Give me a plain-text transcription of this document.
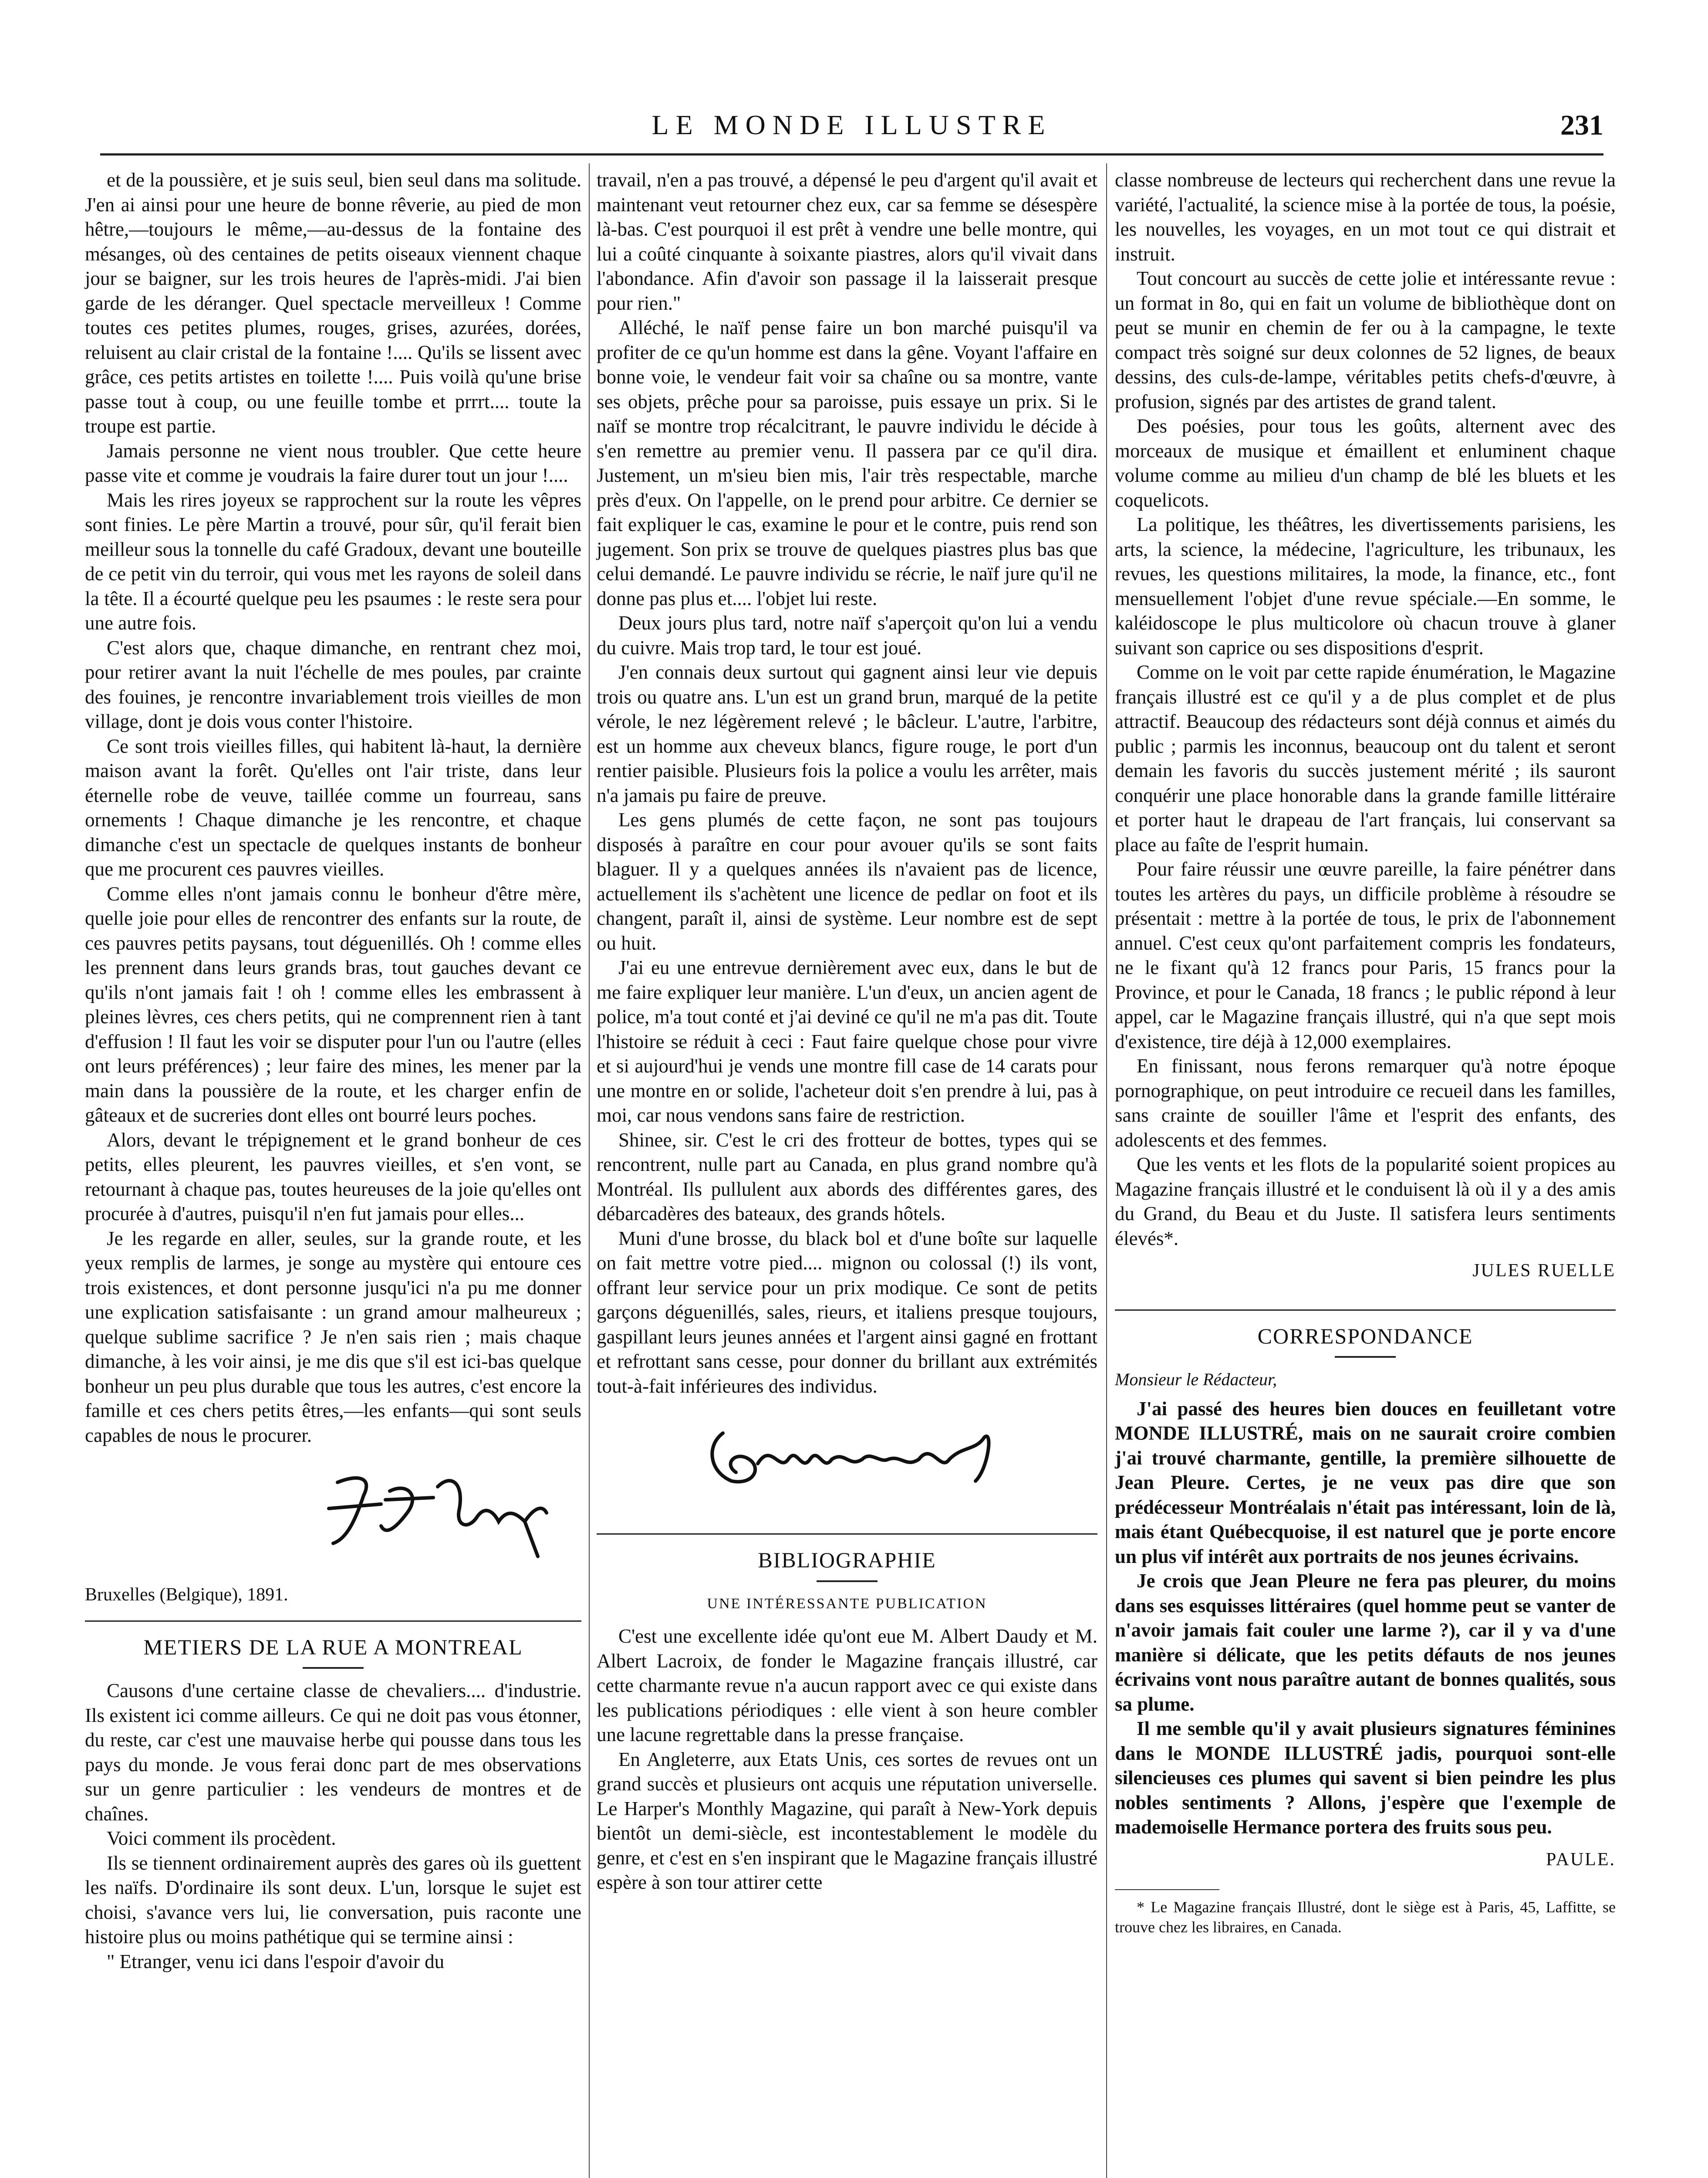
LE MONDE ILLUSTRE	231

et de la poussière, et je suis seul, bien seul dans ma solitude. J'en ai ainsi pour une heure de bonne rêverie, au pied de mon hêtre,—toujours le même,—au-dessus de la fontaine des mésanges, où des centaines de petits oiseaux viennent chaque jour se baigner, sur les trois heures de l'après-midi. J'ai bien garde de les déranger. Quel spectacle merveilleux ! Comme toutes ces petites plumes, rouges, grises, azurées, dorées, reluisent au clair cristal de la fontaine !.... Qu'ils se lissent avec grâce, ces petits artistes en toilette !.... Puis voilà qu'une brise passe tout à coup, ou une feuille tombe et prrrt.... toute la troupe est partie.

Jamais personne ne vient nous troubler. Que cette heure passe vite et comme je voudrais la faire durer tout un jour !....

Mais les rires joyeux se rapprochent sur la route les vêpres sont finies. Le père Martin a trouvé, pour sûr, qu'il ferait bien meilleur sous la tonnelle du café Gradoux, devant une bouteille de ce petit vin du terroir, qui vous met les rayons de soleil dans la tête. Il a écourté quelque peu les psaumes : le reste sera pour une autre fois.

C'est alors que, chaque dimanche, en rentrant chez moi, pour retirer avant la nuit l'échelle de mes poules, par crainte des fouines, je rencontre invariablement trois vieilles de mon village, dont je dois vous conter l'histoire.

Ce sont trois vieilles filles, qui habitent là-haut, la dernière maison avant la forêt. Qu'elles ont l'air triste, dans leur éternelle robe de veuve, taillée comme un fourreau, sans ornements ! Chaque dimanche je les rencontre, et chaque dimanche c'est un spectacle de quelques instants de bonheur que me procurent ces pauvres vieilles.

Comme elles n'ont jamais connu le bonheur d'être mère, quelle joie pour elles de rencontrer des enfants sur la route, de ces pauvres petits paysans, tout déguenillés. Oh ! comme elles les prennent dans leurs grands bras, tout gauches devant ce qu'ils n'ont jamais fait ! oh ! comme elles les embrassent à pleines lèvres, ces chers petits, qui ne comprennent rien à tant d'effusion ! Il faut les voir se disputer pour l'un ou l'autre (elles ont leurs préférences) ; leur faire des mines, les mener par la main dans la poussière de la route, et les charger enfin de gâteaux et de sucreries dont elles ont bourré leurs poches.

Alors, devant le trépignement et le grand bonheur de ces petits, elles pleurent, les pauvres vieilles, et s'en vont, se retournant à chaque pas, toutes heureuses de la joie qu'elles ont procurée à d'autres, puisqu'il n'en fut jamais pour elles...

Je les regarde en aller, seules, sur la grande route, et les yeux remplis de larmes, je songe au mystère qui entoure ces trois existences, et dont personne jusqu'ici n'a pu me donner une explication satisfaisante : un grand amour malheureux ; quelque sublime sacrifice ? Je n'en sais rien ; mais chaque dimanche, à les voir ainsi, je me dis que s'il est ici-bas quelque bonheur un peu plus durable que tous les autres, c'est encore la famille et ces chers petits êtres,—les enfants—qui sont seuls capables de nous le procurer.

Bruxelles (Belgique), 1891.

METIERS DE LA RUE A MONTREAL

Causons d'une certaine classe de chevaliers.... d'industrie. Ils existent ici comme ailleurs. Ce qui ne doit pas vous étonner, du reste, car c'est une mauvaise herbe qui pousse dans tous les pays du monde. Je vous ferai donc part de mes observations sur un genre particulier : les vendeurs de montres et de chaînes.

Voici comment ils procèdent.

Ils se tiennent ordinairement auprès des gares où ils guettent les naïfs. D'ordinaire ils sont deux. L'un, lorsque le sujet est choisi, s'avance vers lui, lie conversation, puis raconte une histoire plus ou moins pathétique qui se termine ainsi :

" Etranger, venu ici dans l'espoir d'avoir du

travail, n'en a pas trouvé, a dépensé le peu d'argent qu'il avait et maintenant veut retourner chez eux, car sa femme se désespère là-bas. C'est pourquoi il est prêt à vendre une belle montre, qui lui a coûté cinquante à soixante piastres, alors qu'il vivait dans l'abondance. Afin d'avoir son passage il la laisserait presque pour rien."

Alléché, le naïf pense faire un bon marché puisqu'il va profiter de ce qu'un homme est dans la gêne. Voyant l'affaire en bonne voie, le vendeur fait voir sa chaîne ou sa montre, vante ses objets, prêche pour sa paroisse, puis essaye un prix. Si le naïf se montre trop récalcitrant, le pauvre individu le décide à s'en remettre au premier venu. Il passera par ce qu'il dira. Justement, un m'sieu bien mis, l'air très respectable, marche près d'eux. On l'appelle, on le prend pour arbitre. Ce dernier se fait expliquer le cas, examine le pour et le contre, puis rend son jugement. Son prix se trouve de quelques piastres plus bas que celui demandé. Le pauvre individu se récrie, le naïf jure qu'il ne donne pas plus et.... l'objet lui reste.

Deux jours plus tard, notre naïf s'aperçoit qu'on lui a vendu du cuivre. Mais trop tard, le tour est joué.

J'en connais deux surtout qui gagnent ainsi leur vie depuis trois ou quatre ans. L'un est un grand brun, marqué de la petite vérole, le nez légèrement relevé ; le bâcleur. L'autre, l'arbitre, est un homme aux cheveux blancs, figure rouge, le port d'un rentier paisible. Plusieurs fois la police a voulu les arrêter, mais n'a jamais pu faire de preuve.

Les gens plumés de cette façon, ne sont pas toujours disposés à paraître en cour pour avouer qu'ils se sont faits blaguer. Il y a quelques années ils n'avaient pas de licence, actuellement ils s'achètent une licence de pedlar on foot et ils changent, paraît il, ainsi de système. Leur nombre est de sept ou huit.

J'ai eu une entrevue dernièrement avec eux, dans le but de me faire expliquer leur manière. L'un d'eux, un ancien agent de police, m'a tout conté et j'ai deviné ce qu'il ne m'a pas dit. Toute l'histoire se réduit à ceci : Faut faire quelque chose pour vivre et si aujourd'hui je vends une montre fill case de 14 carats pour une montre en or solide, l'acheteur doit s'en prendre à lui, pas à moi, car nous vendons sans faire de restriction.

Shinee, sir. C'est le cri des frotteur de bottes, types qui se rencontrent, nulle part au Canada, en plus grand nombre qu'à Montréal. Ils pullulent aux abords des différentes gares, des débarcadères des bateaux, des grands hôtels.

Muni d'une brosse, du black bol et d'une boîte sur laquelle on fait mettre votre pied.... mignon ou colossal (!) ils vont, offrant leur service pour un prix modique. Ce sont de petits garçons déguenillés, sales, rieurs, et italiens presque toujours, gaspillant leurs jeunes années et l'argent ainsi gagné en frottant et refrottant sans cesse, pour donner du brillant aux extrémités tout-à-fait inférieures des individus.

BIBLIOGRAPHIE

UNE INTÉRESSANTE PUBLICATION

C'est une excellente idée qu'ont eue M. Albert Daudy et M. Albert Lacroix, de fonder le Magazine français illustré, car cette charmante revue n'a aucun rapport avec ce qui existe dans les publications périodiques : elle vient à son heure combler une lacune regrettable dans la presse française.

En Angleterre, aux Etats Unis, ces sortes de revues ont un grand succès et plusieurs ont acquis une réputation universelle. Le Harper's Monthly Magazine, qui paraît à New-York depuis bientôt un demi-siècle, est incontestablement le modèle du genre, et c'est en s'en inspirant que le Magazine français illustré espère à son tour attirer cette

classe nombreuse de lecteurs qui recherchent dans une revue la variété, l'actualité, la science mise à la portée de tous, la poésie, les nouvelles, les voyages, en un mot tout ce qui distrait et instruit.

Tout concourt au succès de cette jolie et intéressante revue : un format in 8o, qui en fait un volume de bibliothèque dont on peut se munir en chemin de fer ou à la campagne, le texte compact très soigné sur deux colonnes de 52 lignes, de beaux dessins, des culs-de-lampe, véritables petits chefs-d'œuvre, à profusion, signés par des artistes de grand talent.

Des poésies, pour tous les goûts, alternent avec des morceaux de musique et émaillent et enluminent chaque volume comme au milieu d'un champ de blé les bluets et les coquelicots.

La politique, les théâtres, les divertissements parisiens, les arts, la science, la médecine, l'agriculture, les tribunaux, les revues, les questions militaires, la mode, la finance, etc., font mensuellement l'objet d'une revue spéciale.—En somme, le kaléidoscope le plus multicolore où chacun trouve à glaner suivant son caprice ou ses dispositions d'esprit.

Comme on le voit par cette rapide énumération, le Magazine français illustré est ce qu'il y a de plus complet et de plus attractif. Beaucoup des rédacteurs sont déjà connus et aimés du public ; parmis les inconnus, beaucoup ont du talent et seront demain les favoris du succès justement mérité ; ils sauront conquérir une place honorable dans la grande famille littéraire et porter haut le drapeau de l'art français, lui conservant sa place au faîte de l'esprit humain.

Pour faire réussir une œuvre pareille, la faire pénétrer dans toutes les artères du pays, un difficile problème à résoudre se présentait : mettre à la portée de tous, le prix de l'abonnement annuel. C'est ceux qu'ont parfaitement compris les fondateurs, ne le fixant qu'à 12 francs pour Paris, 15 francs pour la Province, et pour le Canada, 18 francs ; le public répond à leur appel, car le Magazine français illustré, qui n'a que sept mois d'existence, tire déjà à 12,000 exemplaires.

En finissant, nous ferons remarquer qu'à notre époque pornographique, on peut introduire ce recueil dans les familles, sans crainte de souiller l'âme et l'esprit des enfants, des adolescents et des femmes.

Que les vents et les flots de la popularité soient propices au Magazine français illustré et le conduisent là où il y a des amis du Grand, du Beau et du Juste. Il satisfera leurs sentiments élevés*.

JULES RUELLE

CORRESPONDANCE

Monsieur le Rédacteur,

J'ai passé des heures bien douces en feuilletant votre MONDE ILLUSTRÉ, mais on ne saurait croire combien j'ai trouvé charmante, gentille, la première silhouette de Jean Pleure. Certes, je ne veux pas dire que son prédécesseur Montréalais n'était pas intéressant, loin de là, mais étant Québecquoise, il est naturel que je porte encore un plus vif intérêt aux portraits de nos jeunes écrivains.

Je crois que Jean Pleure ne fera pas pleurer, du moins dans ses esquisses littéraires (quel homme peut se vanter de n'avoir jamais fait couler une larme ?), car il y va d'une manière si délicate, que les petits défauts de nos jeunes écrivains vont nous paraître autant de bonnes qualités, sous sa plume.

Il me semble qu'il y avait plusieurs signatures féminines dans le MONDE ILLUSTRÉ jadis, pourquoi sont-elle silencieuses ces plumes qui savent si bien peindre les plus nobles sentiments ? Allons, j'espère que l'exemple de mademoiselle Hermance portera des fruits sous peu.

PAULE.

* Le Magazine français Illustré, dont le siège est à Paris, 45, Laffitte, se trouve chez les libraires, en Canada.
